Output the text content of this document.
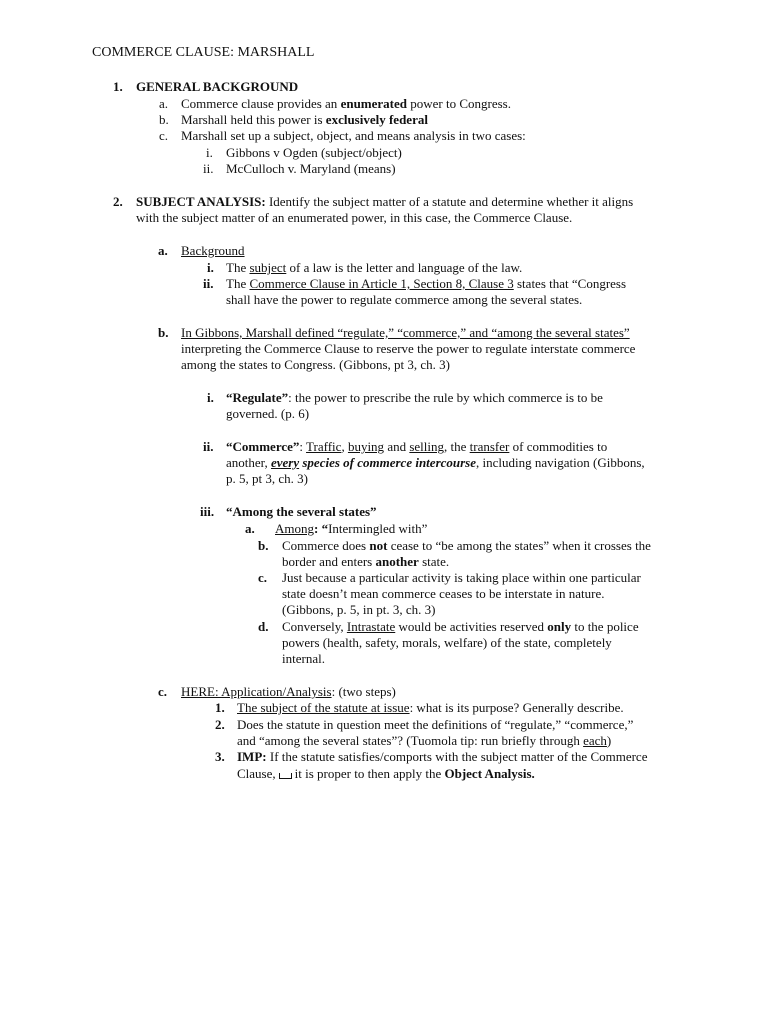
COMMERCE CLAUSE: MARSHALL
1. GENERAL BACKGROUND
a. Commerce clause provides an enumerated power to Congress.
b. Marshall held this power is exclusively federal
c. Marshall set up a subject, object, and means analysis in two cases:
i. Gibbons v Ogden (subject/object)
ii. McCulloch v. Maryland (means)
2. SUBJECT ANALYSIS: Identify the subject matter of a statute and determine whether it aligns
with the subject matter of an enumerated power, in this case, the Commerce Clause.
a. Background
i. The subject of a law is the letter and language of the law.
ii. The Commerce Clause in Article 1, Section 8, Clause 3 states that “Congress
shall have the power to regulate commerce among the several states.
b. In Gibbons, Marshall defined “regulate,” “commerce,” and “among the several states”
interpreting the Commerce Clause to reserve the power to regulate interstate commerce
among the states to Congress. (Gibbons, pt 3, ch. 3)
i. “Regulate”: the power to prescribe the rule by which commerce is to be
governed. (p. 6)
ii. “Commerce”: Traffic, buying and selling, the transfer of commodities to
another, every species of commerce intercourse, including navigation (Gibbons,
p. 5, pt 3, ch. 3)
iii. “Among the several states”
a. Among: “Intermingled with”
b. Commerce does not cease to “be among the states” when it crosses the
border and enters another state.
c. Just because a particular activity is taking place within one particular
state doesn’t mean commerce ceases to be interstate in nature.
(Gibbons, p. 5, in pt. 3, ch. 3)
d. Conversely, Intrastate would be activities reserved only to the police
powers (health, safety, morals, welfare) of the state, completely
internal.
c. HERE: Application/Analysis: (two steps)
1. The subject of the statute at issue: what is its purpose? Generally describe.
2. Does the statute in question meet the definitions of “regulate,” “commerce,”
and “among the several states”? (Tuomola tip: run briefly through each)
3. IMP: If the statute satisfies/comports with the subject matter of the Commerce
Clause, it is proper to then apply the Object Analysis.
